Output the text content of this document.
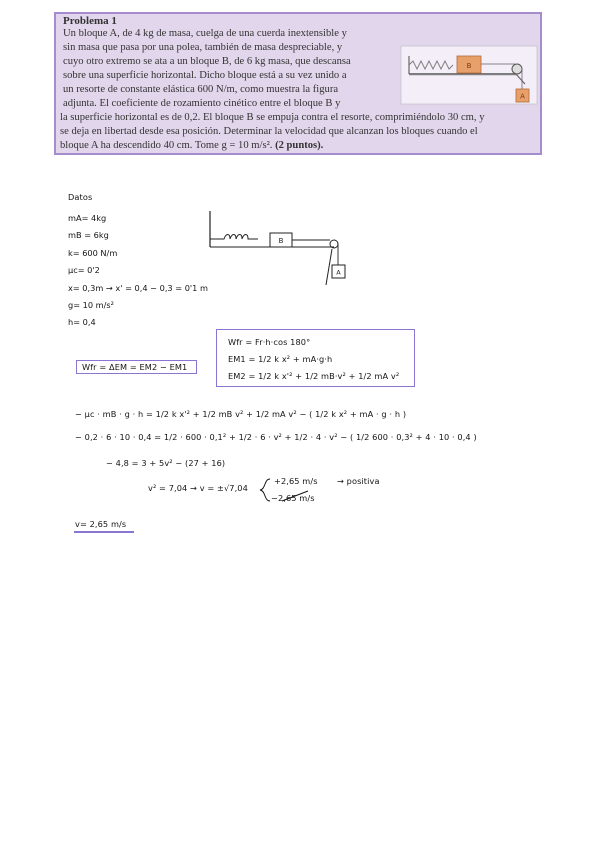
Problema 1
Un bloque A, de 4 kg de masa, cuelga de una cuerda inextensible y
sin masa que pasa por una polea, también de masa despreciable, y
cuyo otro extremo se ata a un bloque B, de 6 kg masa, que descansa
sobre una superficie horizontal. Dicho bloque está a su vez unido a
un resorte de constante elástica 600 N/m, como muestra la figura
adjunta. El coeficiente de rozamiento cinético entre el bloque B y
la superficie horizontal es de 0,2. El bloque B se empuja contra el resorte, comprimiéndolo 30 cm, y
se deja en libertad desde esa posición. Determinar la velocidad que alcanzan los bloques cuando el
bloque A ha descendido 40 cm. Tome g = 10 m/s². (2 puntos).
B
A
Datos
mA= 4kg
mB = 6kg
k= 600 N/m
μc= 0'2
x= 0,3m → x' = 0,4 − 0,3 = 0'1 m
g= 10 m/s²
h= 0,4
B
A
Wfr = ΔEM = EM2 − EM1
Wfr = Fr·h·cos 180°
EM1 = 1/2 k x² + mA·g·h
EM2 = 1/2 k x'² + 1/2 mB·v² + 1/2 mA v²
− μc · mB · g · h = 1/2 k x'² + 1/2 mB v² + 1/2 mA v² − ( 1/2 k x² + mA · g · h )
− 0,2 · 6 · 10 · 0,4 = 1/2 · 600 · 0,1² + 1/2 · 6 · v² + 1/2 · 4 · v² − ( 1/2 600 · 0,3² + 4 · 10 · 0,4 )
− 4,8 = 3 + 5v² − (27 + 16)
v² = 7,04 → v = ±√7,04
+2,65 m/s → positiva
−2,65 m/s
v= 2,65 m/s
